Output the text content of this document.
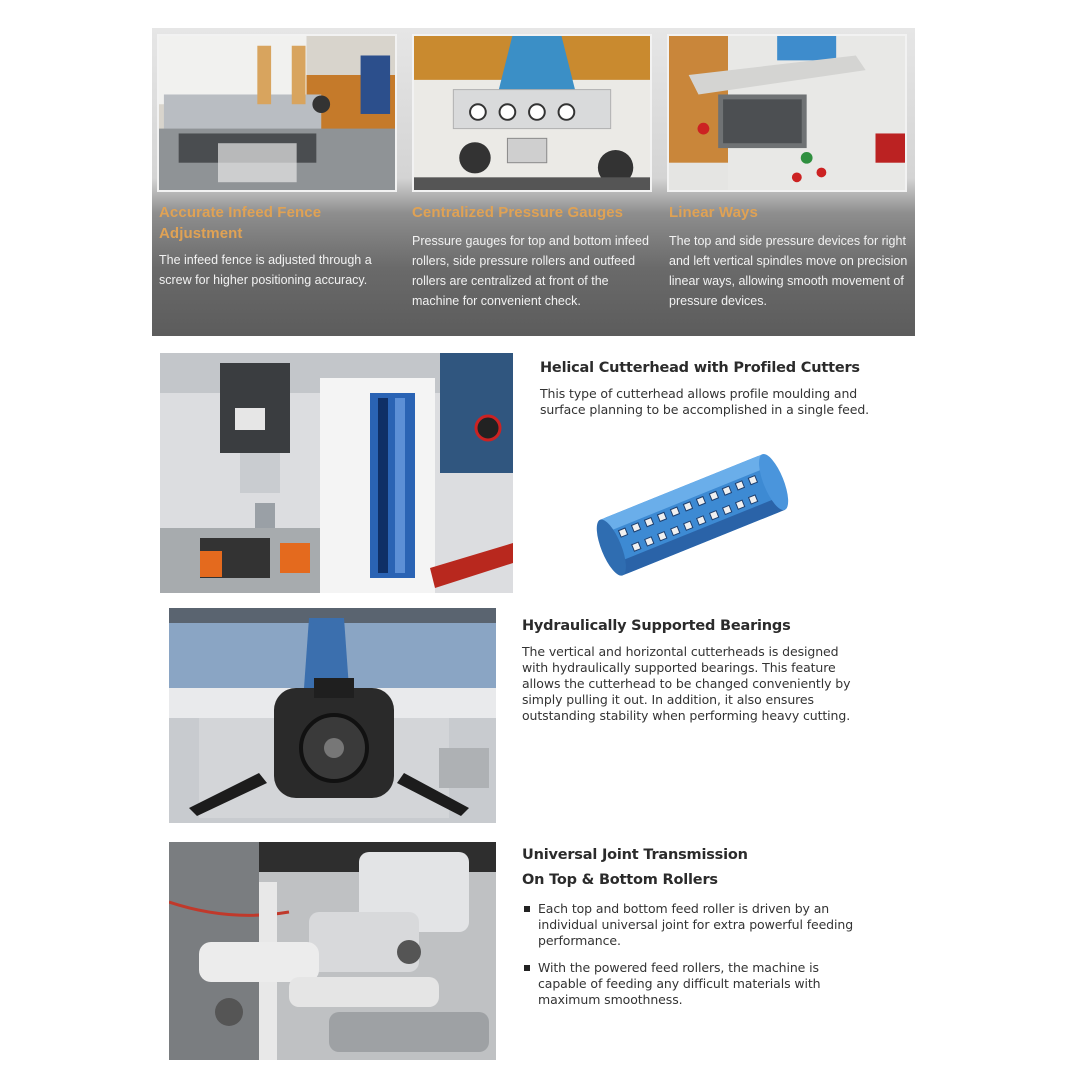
Accurate Infeed Fence Adjustment
The infeed fence is adjusted through a screw for higher positioning accuracy.
Centralized Pressure Gauges
Pressure gauges for top and bottom infeed rollers, side pressure rollers and outfeed rollers are centralized at front of the machine for convenient check.
Linear Ways
The top and side pressure devices for right and left vertical spindles move on precision linear ways, allowing smooth movement of pressure devices.
Helical Cutterhead with Profiled Cutters
This type of cutterhead allows profile moulding and surface planning to be accomplished in a single feed.
Hydraulically Supported Bearings
The vertical and horizontal cutterheads is designed with hydraulically supported bearings. This feature allows the cutterhead to be changed conveniently by simply pulling it out. In addition, it also ensures outstanding stability when performing heavy cutting.
Universal Joint Transmission
On Top & Bottom Rollers
Each top and bottom feed roller is driven by an individual universal joint for extra powerful feeding performance.
With the powered feed rollers, the machine is capable of feeding any difficult materials with maximum smoothness.
